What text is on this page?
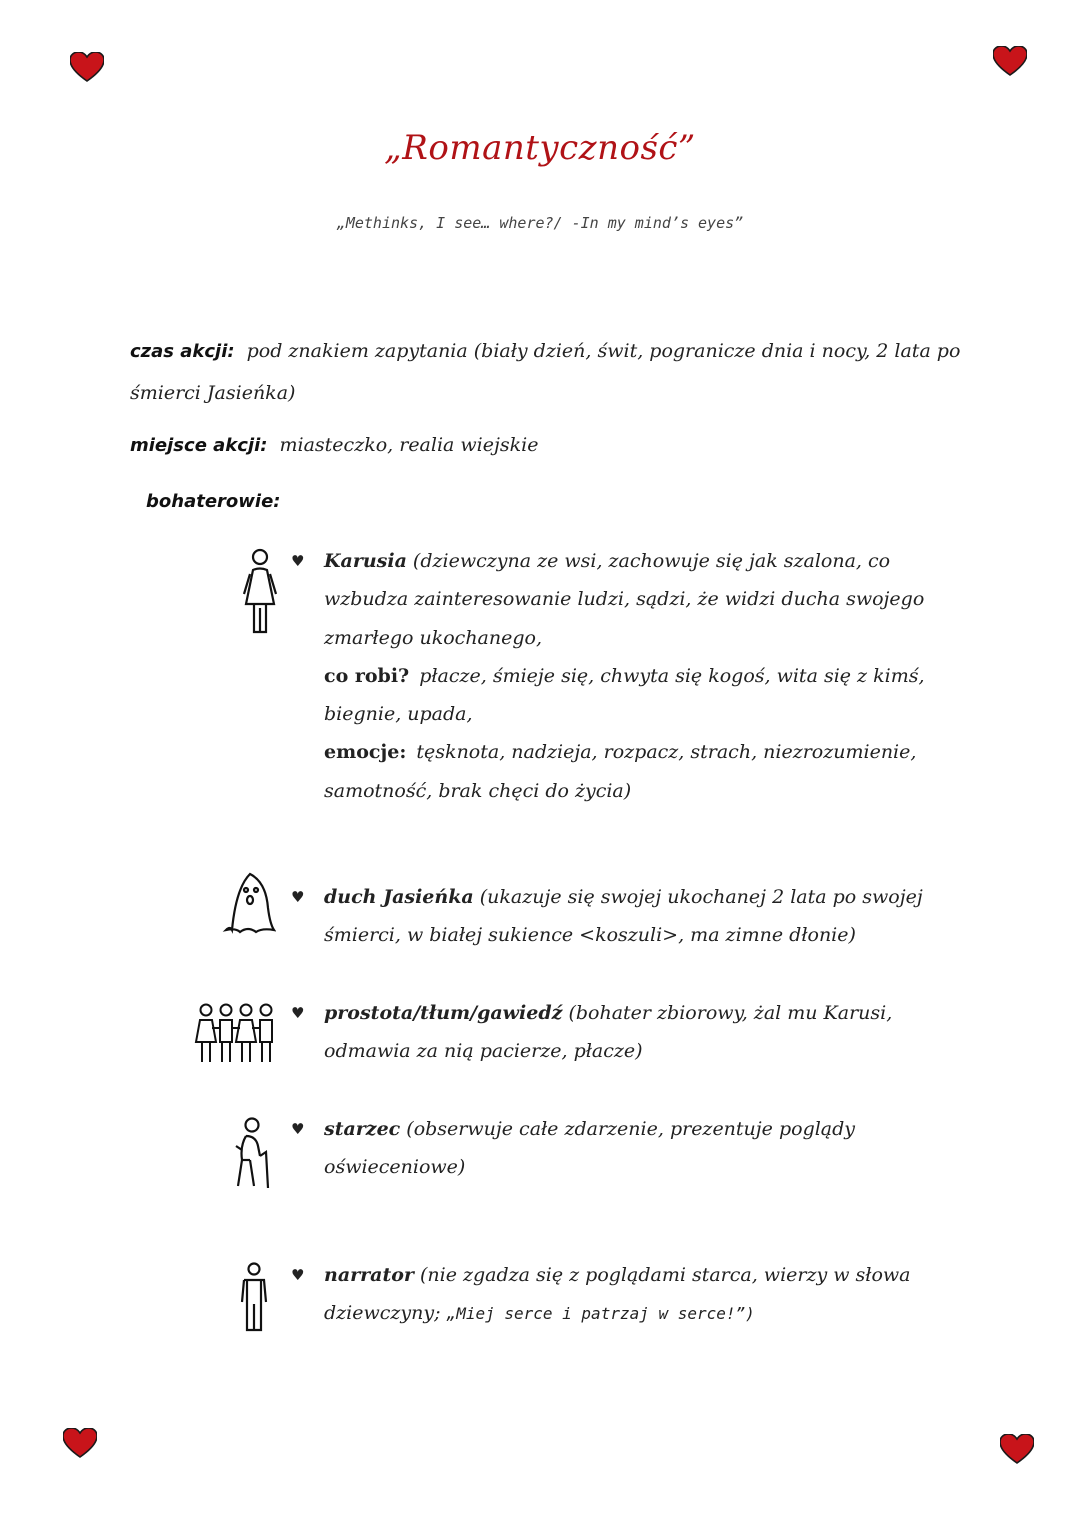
„Romantyczność”
„Methinks, I see… where?/ -In my mind’s eyes”
czas akcji: pod znakiem zapytania (biały dzień, świt, pogranicze dnia i nocy, 2 lata po
śmierci Jasieńka)
miejsce akcji: miasteczko, realia wiejskie
bohaterowie:
♥ Karusia (dziewczyna ze wsi, zachowuje się jak szalona, co wzbudza zainteresowanie ludzi, sądzi, że widzi ducha swojego zmarłego ukochanego,
co robi? płacze, śmieje się, chwyta się kogoś, wita się z kimś, biegnie, upada,
emocje: tęsknota, nadzieja, rozpacz, strach, niezrozumienie, samotność, brak chęci do życia)
♥ duch Jasieńka (ukazuje się swojej ukochanej 2 lata po swojej śmierci, w białej sukience <koszuli>, ma zimne dłonie)
♥ prostota/tłum/gawiedź (bohater zbiorowy, żal mu Karusi, odmawia za nią pacierze, płacze)
♥ starzec (obserwuje całe zdarzenie, prezentuje poglądy oświeceniowe)
♥ narrator (nie zgadza się z poglądami starca, wierzy w słowa dziewczyny; „Miej serce i patrzaj w serce!”)
